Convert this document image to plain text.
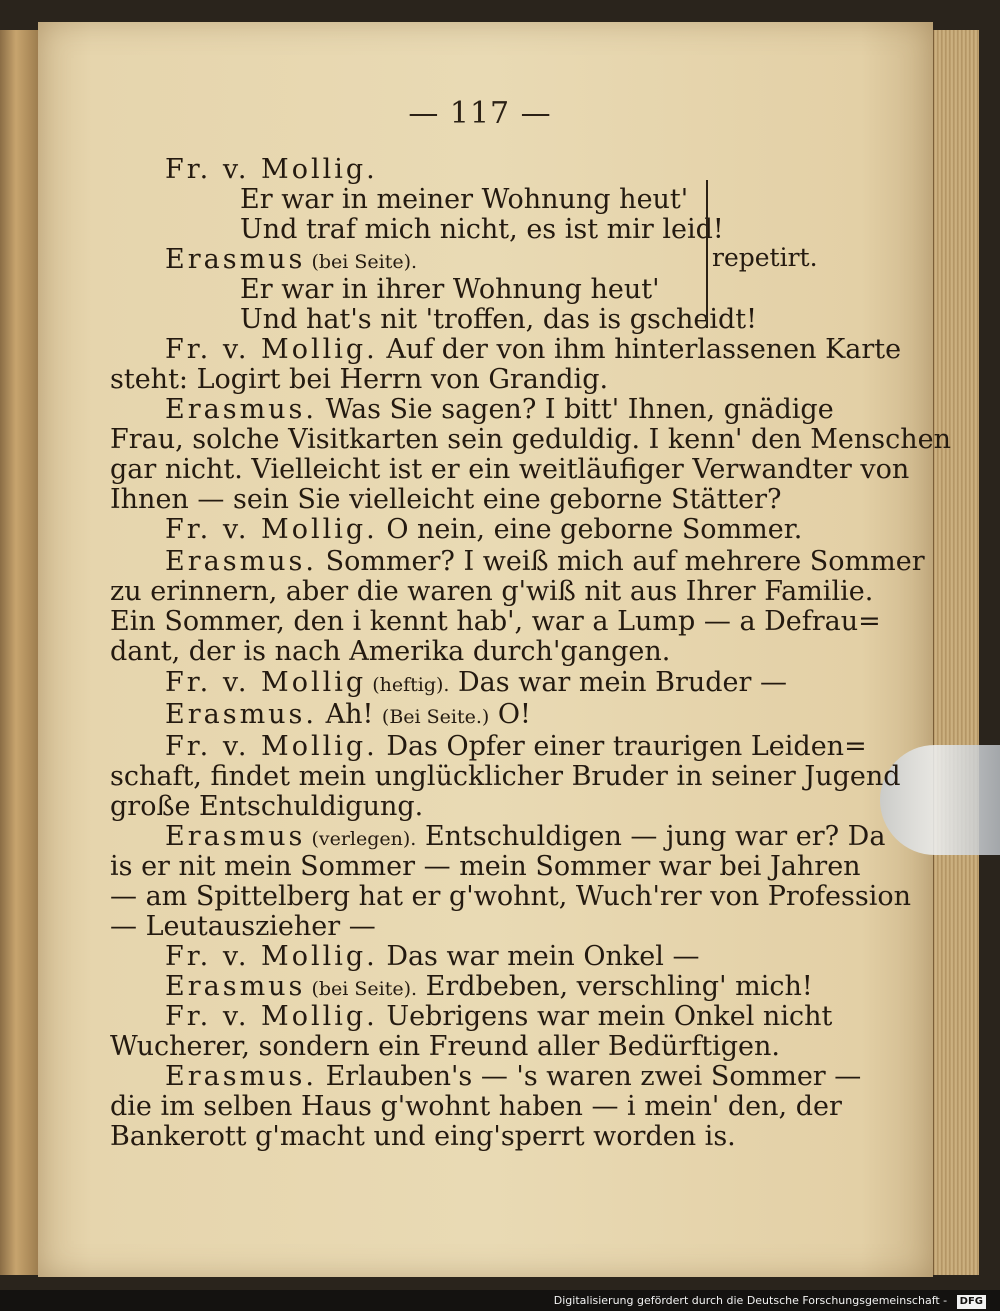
— 117 —
Fr. v. Mollig.
Er war in meiner Wohnung heut'
Und traf mich nicht, es ist mir leid!
Erasmus (bei Seite).
Er war in ihrer Wohnung heut'
Und hat's nit 'troffen, das is gscheidt!
Fr. v. Mollig. Auf der von ihm hinterlassenen Karte
steht: Logirt bei Herrn von Grandig.
Erasmus. Was Sie sagen? I bitt' Ihnen, gnädige
Frau, solche Visitkarten sein geduldig. I kenn' den Menschen
gar nicht. Vielleicht ist er ein weitläufiger Verwandter von
Ihnen — sein Sie vielleicht eine geborne Stätter?
Fr. v. Mollig. O nein, eine geborne Sommer.
Erasmus. Sommer? I weiß mich auf mehrere Sommer
zu erinnern, aber die waren g'wiß nit aus Ihrer Familie.
Ein Sommer, den i kennt hab', war a Lump — a Defrau=
dant, der is nach Amerika durch'gangen.
Fr. v. Mollig (heftig). Das war mein Bruder —
Erasmus. Ah! (Bei Seite.) O!
Fr. v. Mollig. Das Opfer einer traurigen Leiden=
schaft, findet mein unglücklicher Bruder in seiner Jugend
große Entschuldigung.
Erasmus (verlegen). Entschuldigen — jung war er? Da
is er nit mein Sommer — mein Sommer war bei Jahren
— am Spittelberg hat er g'wohnt, Wuch'rer von Profession
— Leutauszieher —
Fr. v. Mollig. Das war mein Onkel —
Erasmus (bei Seite). Erdbeben, verschling' mich!
Fr. v. Mollig. Uebrigens war mein Onkel nicht
Wucherer, sondern ein Freund aller Bedürftigen.
Erasmus. Erlauben's — 's waren zwei Sommer —
die im selben Haus g'wohnt haben — i mein' den, der
Bankerott g'macht und eing'sperrt worden is.
repetirt.
Digitalisierung gefördert durch die Deutsche Forschungsgemeinschaft - DFG
